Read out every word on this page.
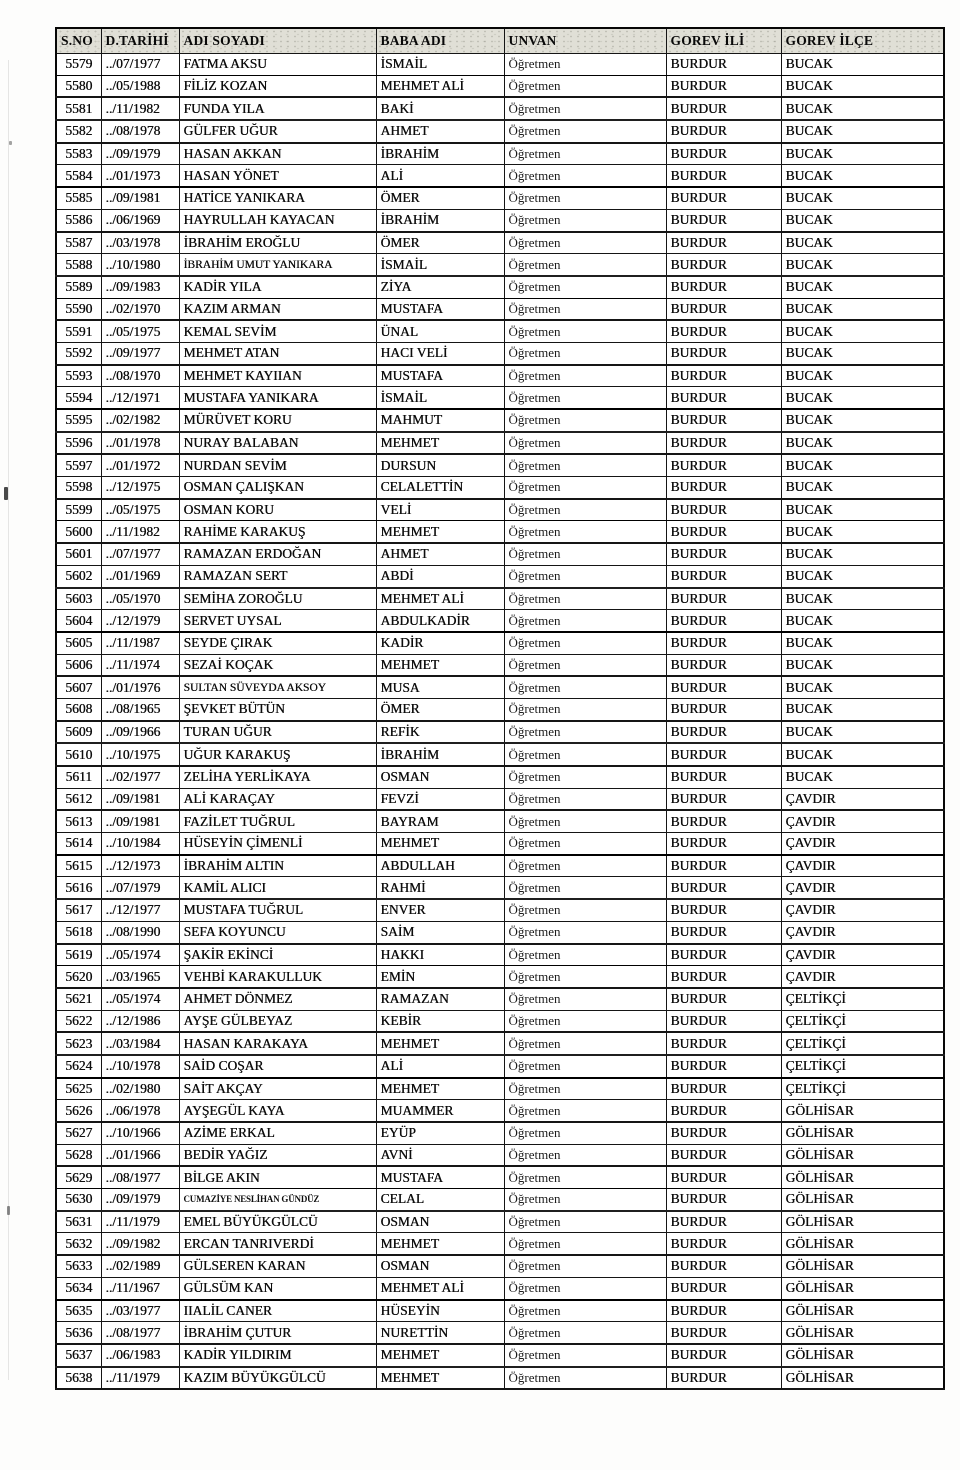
S.NO	D.TARİHİ	ADI SOYADI	BABA ADI	UNVAN	GOREV İLİ	GOREV İLÇE
5579	../07/1977	FATMA AKSU	İSMAİL	Öğretmen	BURDUR	BUCAK
5580	../05/1988	FİLİZ KOZAN	MEHMET ALİ	Öğretmen	BURDUR	BUCAK
5581	../11/1982	FUNDA YILA	BAKİ	Öğretmen	BURDUR	BUCAK
5582	../08/1978	GÜLFER UĞUR	AHMET	Öğretmen	BURDUR	BUCAK
5583	../09/1979	HASAN AKKAN	İBRAHİM	Öğretmen	BURDUR	BUCAK
5584	../01/1973	HASAN YÖNET	ALİ	Öğretmen	BURDUR	BUCAK
5585	../09/1981	HATİCE YANIKARA	ÖMER	Öğretmen	BURDUR	BUCAK
5586	../06/1969	HAYRULLAH KAYACAN	İBRAHİM	Öğretmen	BURDUR	BUCAK
5587	../03/1978	İBRAHİM EROĞLU	ÖMER	Öğretmen	BURDUR	BUCAK
5588	../10/1980	İBRAHİM UMUT YANIKARA	İSMAİL	Öğretmen	BURDUR	BUCAK
5589	../09/1983	KADİR YILA	ZİYA	Öğretmen	BURDUR	BUCAK
5590	../02/1970	KAZIM ARMAN	MUSTAFA	Öğretmen	BURDUR	BUCAK
5591	../05/1975	KEMAL SEVİM	ÜNAL	Öğretmen	BURDUR	BUCAK
5592	../09/1977	MEHMET ATAN	HACI VELİ	Öğretmen	BURDUR	BUCAK
5593	../08/1970	MEHMET KAYIIAN	MUSTAFA	Öğretmen	BURDUR	BUCAK
5594	../12/1971	MUSTAFA YANIKARA	İSMAİL	Öğretmen	BURDUR	BUCAK
5595	../02/1982	MÜRÜVET KORU	MAHMUT	Öğretmen	BURDUR	BUCAK
5596	../01/1978	NURAY BALABAN	MEHMET	Öğretmen	BURDUR	BUCAK
5597	../01/1972	NURDAN SEVİM	DURSUN	Öğretmen	BURDUR	BUCAK
5598	../12/1975	OSMAN ÇALIŞKAN	CELALETTİN	Öğretmen	BURDUR	BUCAK
5599	../05/1975	OSMAN KORU	VELİ	Öğretmen	BURDUR	BUCAK
5600	../11/1982	RAHİME KARAKUŞ	MEHMET	Öğretmen	BURDUR	BUCAK
5601	../07/1977	RAMAZAN ERDOĞAN	AHMET	Öğretmen	BURDUR	BUCAK
5602	../01/1969	RAMAZAN SERT	ABDİ	Öğretmen	BURDUR	BUCAK
5603	../05/1970	SEMİHA ZOROĞLU	MEHMET ALİ	Öğretmen	BURDUR	BUCAK
5604	../12/1979	SERVET UYSAL	ABDULKADİR	Öğretmen	BURDUR	BUCAK
5605	../11/1987	SEYDE ÇIRAK	KADİR	Öğretmen	BURDUR	BUCAK
5606	../11/1974	SEZAİ KOÇAK	MEHMET	Öğretmen	BURDUR	BUCAK
5607	../01/1976	SULTAN SÜVEYDA AKSOY	MUSA	Öğretmen	BURDUR	BUCAK
5608	../08/1965	ŞEVKET BÜTÜN	ÖMER	Öğretmen	BURDUR	BUCAK
5609	../09/1966	TURAN UĞUR	REFİK	Öğretmen	BURDUR	BUCAK
5610	../10/1975	UĞUR KARAKUŞ	İBRAHİM	Öğretmen	BURDUR	BUCAK
5611	../02/1977	ZELİHA YERLİKAYA	OSMAN	Öğretmen	BURDUR	BUCAK
5612	../09/1981	ALİ KARAÇAY	FEVZİ	Öğretmen	BURDUR	ÇAVDIR
5613	../09/1981	FAZİLET TUĞRUL	BAYRAM	Öğretmen	BURDUR	ÇAVDIR
5614	../10/1984	HÜSEYİN ÇİMENLİ	MEHMET	Öğretmen	BURDUR	ÇAVDIR
5615	../12/1973	İBRAHİM ALTIN	ABDULLAH	Öğretmen	BURDUR	ÇAVDIR
5616	../07/1979	KAMİL ALICI	RAHMİ	Öğretmen	BURDUR	ÇAVDIR
5617	../12/1977	MUSTAFA TUĞRUL	ENVER	Öğretmen	BURDUR	ÇAVDIR
5618	../08/1990	SEFA KOYUNCU	SAİM	Öğretmen	BURDUR	ÇAVDIR
5619	../05/1974	ŞAKİR EKİNCİ	HAKKI	Öğretmen	BURDUR	ÇAVDIR
5620	../03/1965	VEHBİ KARAKULLUK	EMİN	Öğretmen	BURDUR	ÇAVDIR
5621	../05/1974	AHMET DÖNMEZ	RAMAZAN	Öğretmen	BURDUR	ÇELTİKÇİ
5622	../12/1986	AYŞE GÜLBEYAZ	KEBİR	Öğretmen	BURDUR	ÇELTİKÇİ
5623	../03/1984	HASAN KARAKAYA	MEHMET	Öğretmen	BURDUR	ÇELTİKÇİ
5624	../10/1978	SAİD COŞAR	ALİ	Öğretmen	BURDUR	ÇELTİKÇİ
5625	../02/1980	SAİT AKÇAY	MEHMET	Öğretmen	BURDUR	ÇELTİKÇİ
5626	../06/1978	AYŞEGÜL KAYA	MUAMMER	Öğretmen	BURDUR	GÖLHİSAR
5627	../10/1966	AZİME ERKAL	EYÜP	Öğretmen	BURDUR	GÖLHİSAR
5628	../01/1966	BEDİR YAĞIZ	AVNİ	Öğretmen	BURDUR	GÖLHİSAR
5629	../08/1977	BİLGE AKIN	MUSTAFA	Öğretmen	BURDUR	GÖLHİSAR
5630	../09/1979	CUMAZİYE NESLİHAN GÜNDÜZ	CELAL	Öğretmen	BURDUR	GÖLHİSAR
5631	../11/1979	EMEL BÜYÜKGÜLCÜ	OSMAN	Öğretmen	BURDUR	GÖLHİSAR
5632	../09/1982	ERCAN TANRIVERDİ	MEHMET	Öğretmen	BURDUR	GÖLHİSAR
5633	../02/1989	GÜLSEREN KARAN	OSMAN	Öğretmen	BURDUR	GÖLHİSAR
5634	../11/1967	GÜLSÜM KAN	MEHMET ALİ	Öğretmen	BURDUR	GÖLHİSAR
5635	../03/1977	IIALİL CANER	HÜSEYİN	Öğretmen	BURDUR	GÖLHİSAR
5636	../08/1977	İBRAHİM ÇUTUR	NURETTİN	Öğretmen	BURDUR	GÖLHİSAR
5637	../06/1983	KADİR YILDIRIM	MEHMET	Öğretmen	BURDUR	GÖLHİSAR
5638	../11/1979	KAZIM BÜYÜKGÜLCÜ	MEHMET	Öğretmen	BURDUR	GÖLHİSAR
